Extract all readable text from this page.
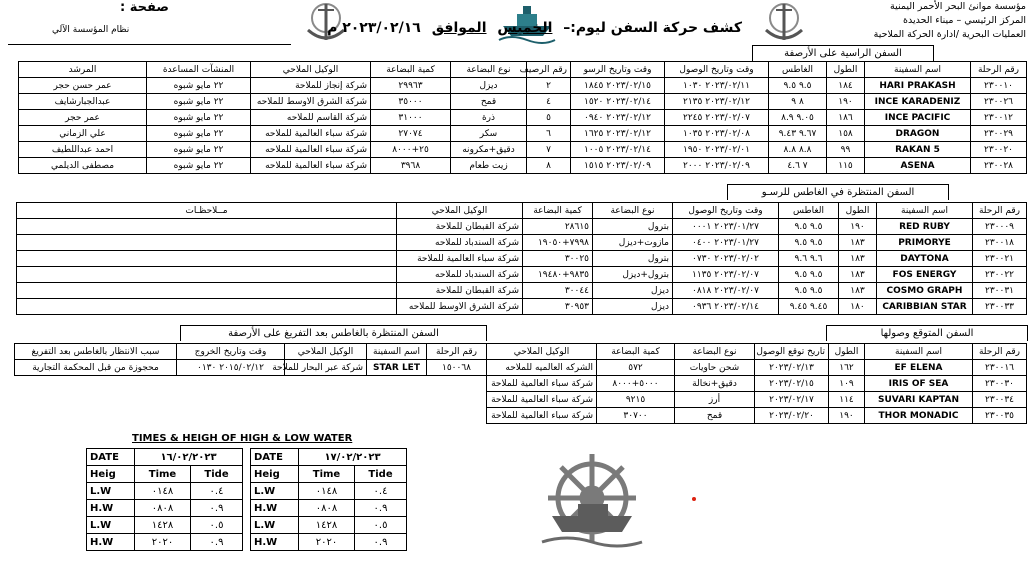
مؤسسة موانئ البحر الأحمر اليمنية
المركز الرئيسي – ميناء الحديدة
العمليات البحرية /ادارة الحركة الملاحية
صفحة :
نظام المؤسسة الآلي	كشف حركة السفن ليوم:– الخميس الموافق ٢٠٢٣/٠٢/١٦ م
السفن الراسية على الأرصفة
رقم الرحلة	اسم السفينة	الطول	الغاطس	وقت وتاريخ الوصول	وقت وتاريخ الرسو	رقم الرصيف	نوع البضاعة	كمية البضاعة	الوكيل الملاحي	المنشآت المساعدة	المرشد
٢٣٠٠١٠	HARI PRAKASH	١٨٤	٩.٥ ٩.٥	٢٠٢٣/٠٢/١١ ١٠٣٠	٢٠٢٣/٠٢/١٥ ١٨٤٥	٢	ديزل	٢٩٩٦٣	شركة إنجاز للملاحة	٢٢ مايو شبوه	عمر حسن حجر
٢٣٠٠٢٦	INCE KARADENIZ	١٩٠	٨ ٩	٢٠٢٣/٠٢/١٢ ٢١٣٥	٢٠٢٣/٠٢/١٤ ١٥٢٠	٤	قمح	٣٥٠٠٠	شركة الشرق الاوسط للملاحه	٢٢ مايو شبوه	عبدالجبارشايف
٢٣٠٠١٢	INCE PACIFIC	١٨٦	٩.٠٥ ٨.٩	٢٠٢٣/٠٢/٠٧ ٢٢٤٥	٢٠٢٣/٠٢/١٢ ٠٩٤٠	٥	ذرة	٣١٠٠٠	شركة القاسم للملاحه	٢٢ مايو شبوه	عمر حجر
٢٣٠٠٢٩	DRAGON	١٥٨	٩.٦٧ ٩.٤٣	٢٠٢٣/٠٢/٠٨ ١٠٣٥	٢٠٢٣/٠٢/١٢ ١٦٢٥	٦	سكر	٢٧٠٧٤	شركة سباء العالمية للملاحه	٢٢ مايو شبوه	علي الزماني
٢٣٠٠٢٠	RAKAN 5	٩٩	٨.٨ ٨.٨	٢٠٢٣/٠٢/٠١ ١٩٥٠	٢٠٢٣/٠٢/١٤ ١٠٠٥	٧	دقيق+مكرونه	٢٥+٨٠٠٠	شركة سباء العالمية للملاحه	٢٢ مايو شبوه	احمد عبداللطيف
٢٣٠٠٢٨	ASENA	١١٥	٧ ٤.٦	٢٠٢٣/٠٢/٠٩ ٢٠٠٠	٢٠٢٣/٠٢/٠٩ ١٥١٥	٨	زيت طعام	٣٩٦٨	شركة سباء العالمية للملاحه	٢٢ مايو شبوه	مصطفى الديلمي
السفن المنتظرة في الغاطس للرسـو
رقم الرحلة	اسم السفينة	الطول	الغاطس	وقت وتاريخ الوصول	نوع البضاعة	كمية البضاعة	الوكيل الملاحي	مــلاحظـات
٢٣٠٠٠٩	RED RUBY	١٩٠	٩.٥ ٩.٥	٢٠٢٣/٠١/٢٧ ٠٠٠١	بترول	٢٨٦١٥	شركة القبطان للملاحة	
٢٣٠٠١٨	PRIMORYE	١٨٣	٩.٥ ٩.٥	٢٠٢٣/٠١/٢٧ ٠٤٠٠	مازوت+ديزل	٧٩٩٨+١٩٠٥٠	شركة السندباد للملاحه	
٢٣٠٠٢١	DAYTONA	١٨٣	٩.٦ ٩.٦	٢٠٢٣/٠٢/٠٢ ٠٧٣٠	بترول	٣٠٠٢٥	شركة سباء العالمية للملاحة	
٢٣٠٠٢٢	FOS ENERGY	١٨٣	٩.٥ ٩.٥	٢٠٢٣/٠٢/٠٧ ١١٣٥	بترول+ديزل	٩٨٣٥+١٩٤٨٠	شركة السندباد للملاحه	
٢٣٠٠٣١	COSMO GRAPH	١٨٣	٩.٥ ٩.٥	٢٠٢٣/٠٢/٠٧ ٠٨١٨	ديزل	٣٠٠٤٤	شركة القبطان للملاحة	
٢٣٠٠٣٣	CARIBBIAN STAR	١٨٠	٩.٤٥ ٩.٤٥	٢٠٢٣/٠٢/١٤ ٠٩٣٦	ديزل	٣٠٩٥٣	شركة الشرق الاوسط للملاحه	
السفن المتوقع وصولها
رقم الرحلة	اسم السفينة	الطول	تاريخ توقع الوصول	نوع البضاعة	كمية البضاعة	الوكيل الملاحي
٢٣٠٠١٦	EF ELENA	١٦٢	٢٠٢٣/٠٢/١٣	شحن حاويات	٥٧٢	الشركه العالميه للملاحه
٢٣٠٠٣٠	IRIS OF SEA	١٠٩	٢٠٢٣/٠٢/١٥	دقيق+نخالة	٥٠٠٠+٨٠٠٠	شركة سباء العالمية للملاحة
٢٣٠٠٣٤	SUVARI KAPTAN	١١٤	٢٠٢٣/٠٢/١٧	أرز	٩٢١٥	شركة سباء العالمية للملاحة
٢٣٠٠٣٥	THOR MONADIC	١٩٠	٢٠٢٣/٠٢/٢٠	قمح	٣٠٧٠٠	شركة سباء العالمية للملاحة
السفن المنتظرة بالغاطس بعد التفريغ على الأرصفة
رقم الرحلة	اسم السفينة	الوكيل الملاحي	وقت وتاريخ الخروج	سبب الانتظار بالغاطس بعد التفريغ
١٥٠٠٦٨	STAR LET	شركة عبر البحار للملاحة	٢٠١٥/٠٢/١٢ ٠١٣٠	محجوزة من قبل المحكمة التجارية
TIMES & HEIGH OF HIGH & LOW WATER
DATE	١٦/٠٢/٢٠٢٣	
Heig	Time	Tide
L.W	٠١٤٨	٠.٤
H.W	٠٨٠٨	٠.٩
L.W	١٤٢٨	٠.٥
H.W	٢٠٢٠	٠.٩
DATE	١٧/٠٢/٢٠٢٣	
Heig	Time	Tide
L.W	٠١٤٨	٠.٤
H.W	٠٨٠٨	٠.٩
L.W	١٤٢٨	٠.٥
H.W	٢٠٢٠	٠.٩
